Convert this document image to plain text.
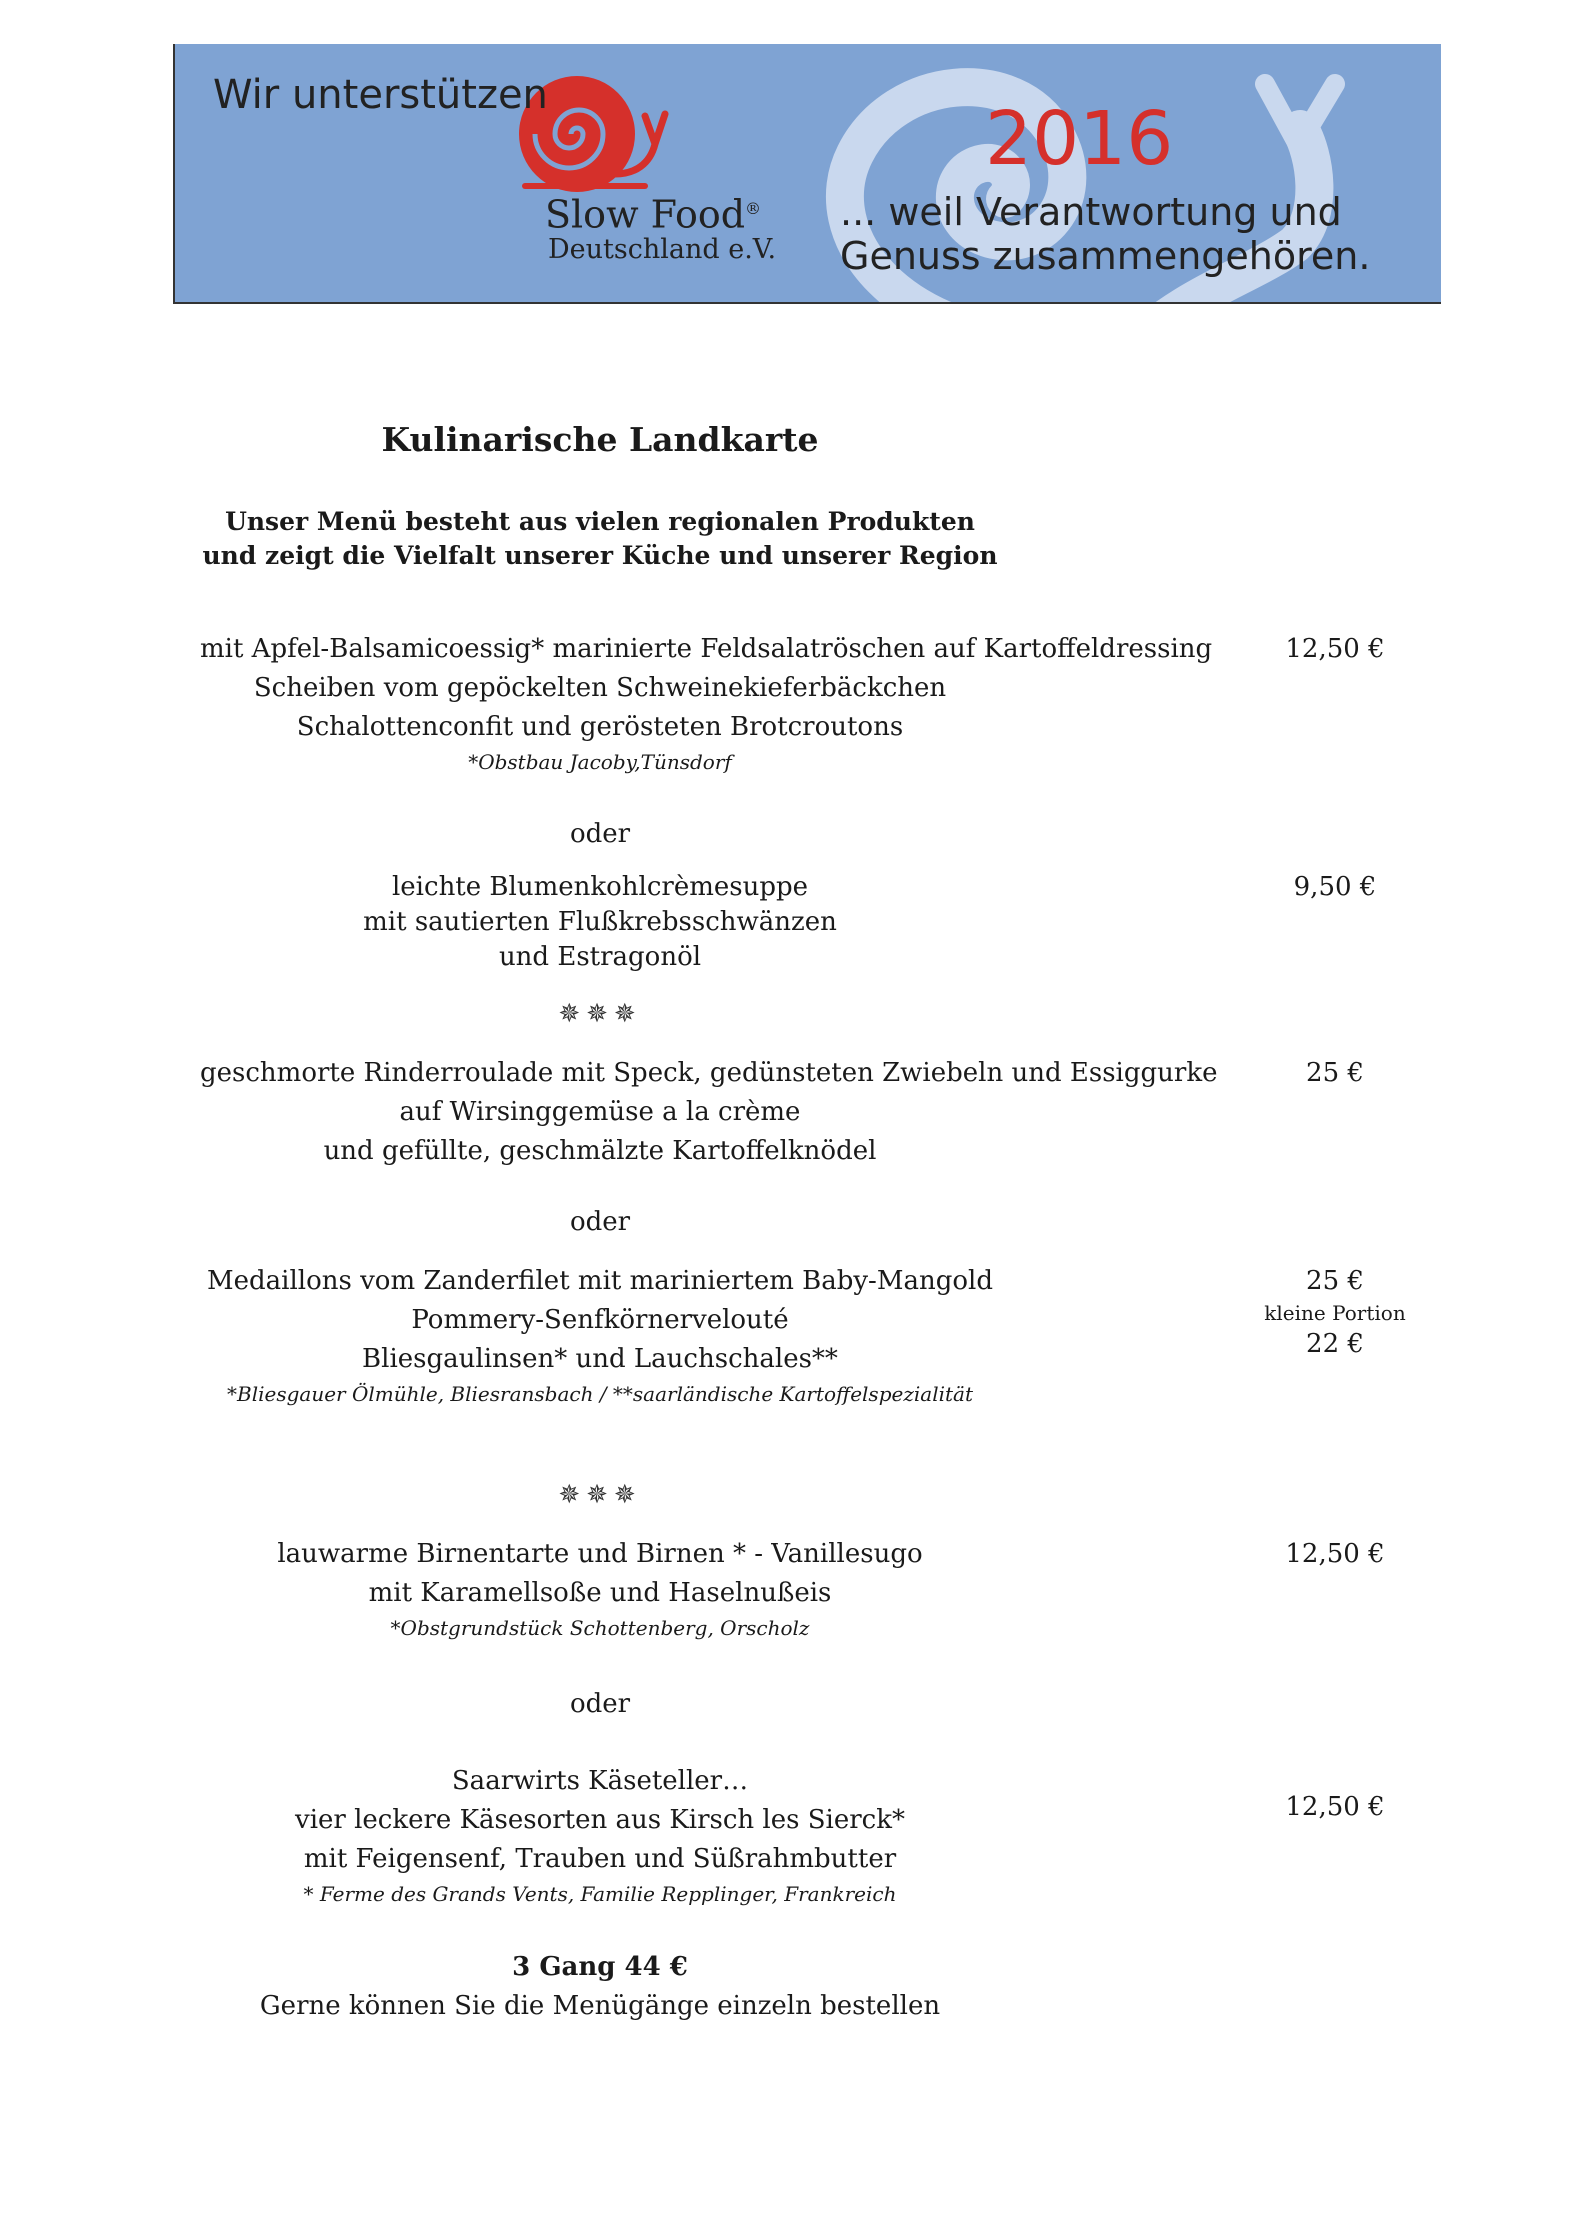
Wir unterstützen
Slow Food®
Deutschland e.V.
2016
... weil Verantwortung und
Genuss zusammengehören.
Kulinarische Landkarte
Unser Menü besteht aus vielen regionalen Produkten
und zeigt die Vielfalt unserer Küche und unserer Region
mit Apfel-Balsamicoessig* marinierte Feldsalatröschen auf Kartoffeldressing
Scheiben vom gepöckelten Schweinekieferbäckchen
Schalottenconfit und gerösteten Brotcroutons
*Obstbau Jacoby,Tünsdorf
12,50 €
oder
leichte Blumenkohlcrèmesuppe
mit sautierten Flußkrebsschwänzen
und Estragonöl
9,50 €
✵✵✵
geschmorte Rinderroulade mit Speck, gedünsteten Zwiebeln und Essiggurke
auf Wirsinggemüse a la crème
und gefüllte, geschmälzte Kartoffelknödel
25 €
oder
Medaillons vom Zanderfilet mit mariniertem Baby-Mangold
Pommery-Senfkörnervelouté
Bliesgaulinsen* und Lauchschales**
*Bliesgauer Ölmühle, Bliesransbach / **saarländische Kartoffelspezialität
25 €
kleine Portion
22 €
✵✵✵
lauwarme Birnentarte und Birnen * - Vanillesugo
mit Karamellsoße und Haselnußeis
*Obstgrundstück Schottenberg, Orscholz
12,50 €
oder
Saarwirts Käseteller…
vier leckere Käsesorten aus Kirsch les Sierck*
mit Feigensenf, Trauben und Süßrahmbutter
* Ferme des Grands Vents, Familie Repplinger, Frankreich
12,50 €
3 Gang 44 €
Gerne können Sie die Menügänge einzeln bestellen
